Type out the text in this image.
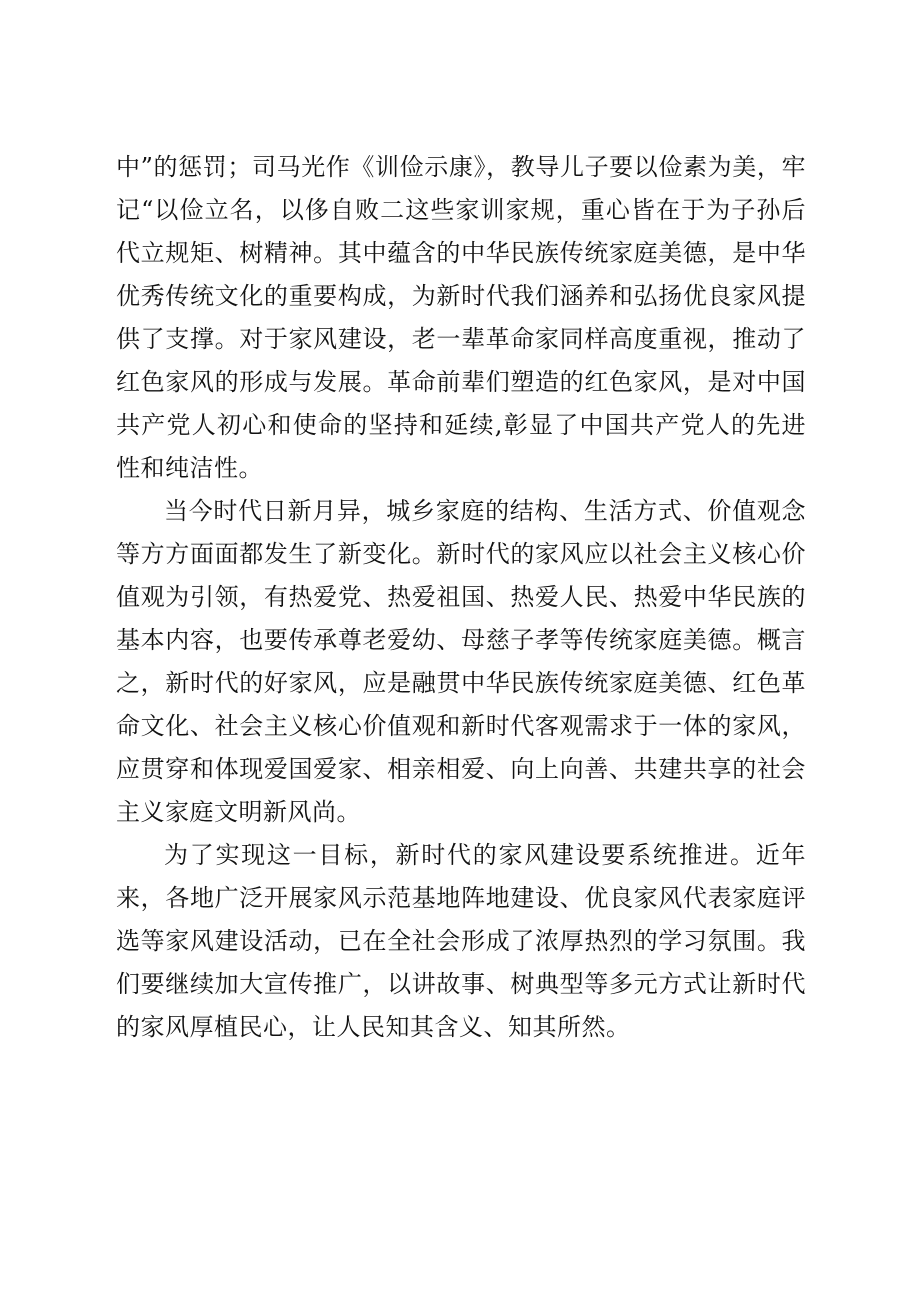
中”的惩罚；司马光作《训俭示康》，教导儿子要以俭素为美，牢记“以俭立名，以侈自败二这些家训家规，重心皆在于为子孙后代立规矩、树精神。其中蕴含的中华民族传统家庭美德，是中华优秀传统文化的重要构成，为新时代我们涵养和弘扬优良家风提供了支撑。对于家风建设，老一辈革命家同样高度重视，推动了红色家风的形成与发展。革命前辈们塑造的红色家风，是对中国共产党人初心和使命的坚持和延续,彰显了中国共产党人的先进性和纯洁性。

当今时代日新月异，城乡家庭的结构、生活方式、价值观念等方方面面都发生了新变化。新时代的家风应以社会主义核心价值观为引领，有热爱党、热爱祖国、热爱人民、热爱中华民族的基本内容，也要传承尊老爱幼、母慈子孝等传统家庭美德。概言之，新时代的好家风，应是融贯中华民族传统家庭美德、红色革命文化、社会主义核心价值观和新时代客观需求于一体的家风，应贯穿和体现爱国爱家、相亲相爱、向上向善、共建共享的社会主义家庭文明新风尚。

为了实现这一目标，新时代的家风建设要系统推进。近年来，各地广泛开展家风示范基地阵地建设、优良家风代表家庭评选等家风建设活动，已在全社会形成了浓厚热烈的学习氛围。我们要继续加大宣传推广，以讲故事、树典型等多元方式让新时代的家风厚植民心，让人民知其含义、知其所然。
